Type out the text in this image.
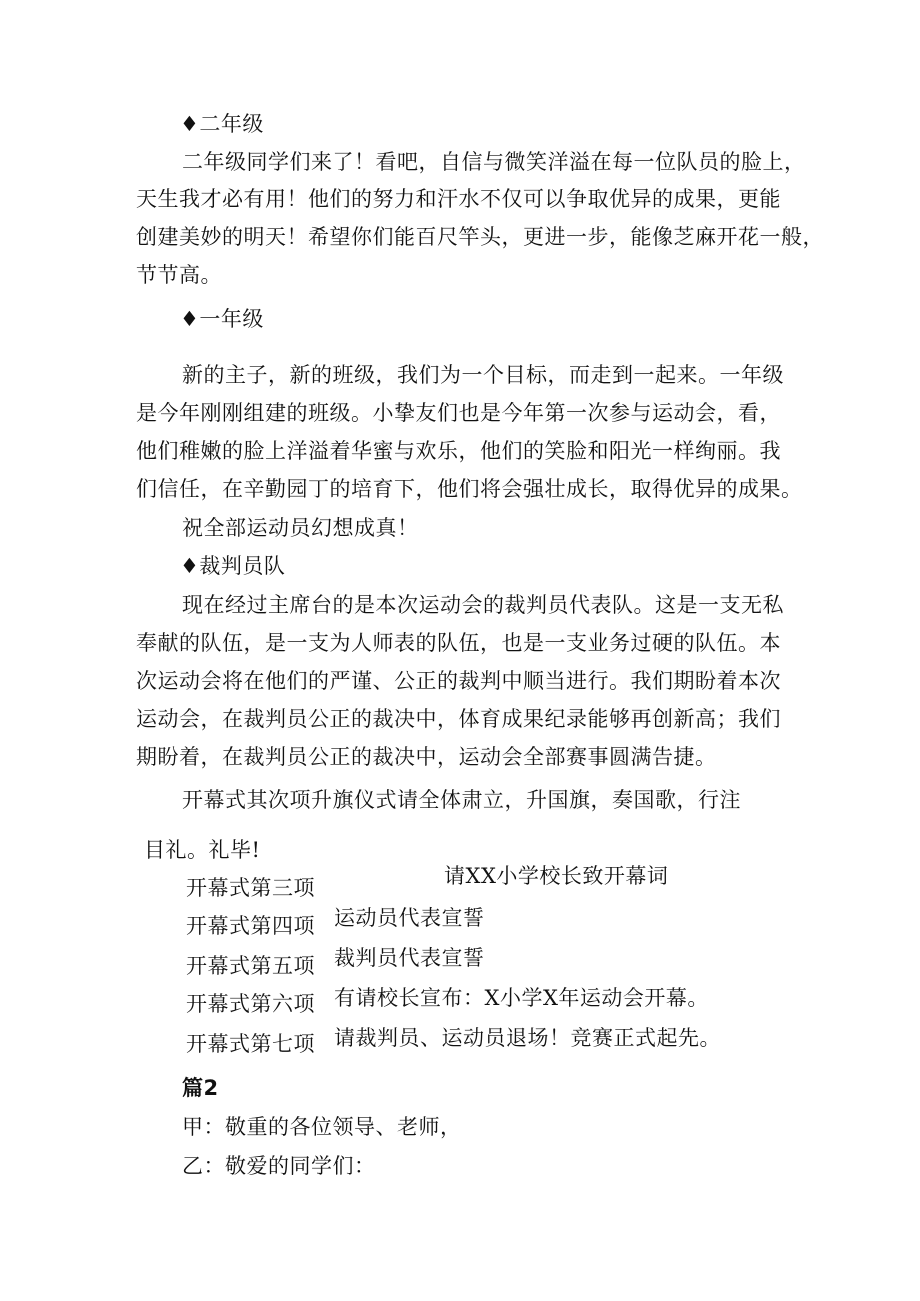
♦二年级
二年级同学们来了！看吧，自信与微笑洋溢在每一位队员的脸上，
天生我才必有用！他们的努力和汗水不仅可以争取优异的成果，更能
创建美妙的明天！希望你们能百尺竿头，更进一步，能像芝麻开花一般，
节节高。
♦一年级
新的主子，新的班级，我们为一个目标，而走到一起来。一年级
是今年刚刚组建的班级。小挚友们也是今年第一次参与运动会，看，
他们稚嫩的脸上洋溢着华蜜与欢乐，他们的笑脸和阳光一样绚丽。我
们信任，在辛勤园丁的培育下，他们将会强壮成长，取得优异的成果。
祝全部运动员幻想成真！
♦裁判员队
现在经过主席台的是本次运动会的裁判员代表队。这是一支无私
奉献的队伍，是一支为人师表的队伍，也是一支业务过硬的队伍。本
次运动会将在他们的严谨、公正的裁判中顺当进行。我们期盼着本次
运动会，在裁判员公正的裁决中，体育成果纪录能够再创新高；我们
期盼着，在裁判员公正的裁决中，运动会全部赛事圆满告捷。
开幕式其次项升旗仪式请全体肃立，升国旗，奏国歌，行注
目礼。礼毕!
开幕式第三项	请XX小学校长致开幕词
开幕式第四项 运动员代表宣誓
开幕式第五项 裁判员代表宣誓
开幕式第六项 有请校长宣布：X小学X年运动会开幕。
开幕式第七项 请裁判员、运动员退场！竞赛正式起先。
篇2
甲：敬重的各位领导、老师，
乙：敬爱的同学们：
